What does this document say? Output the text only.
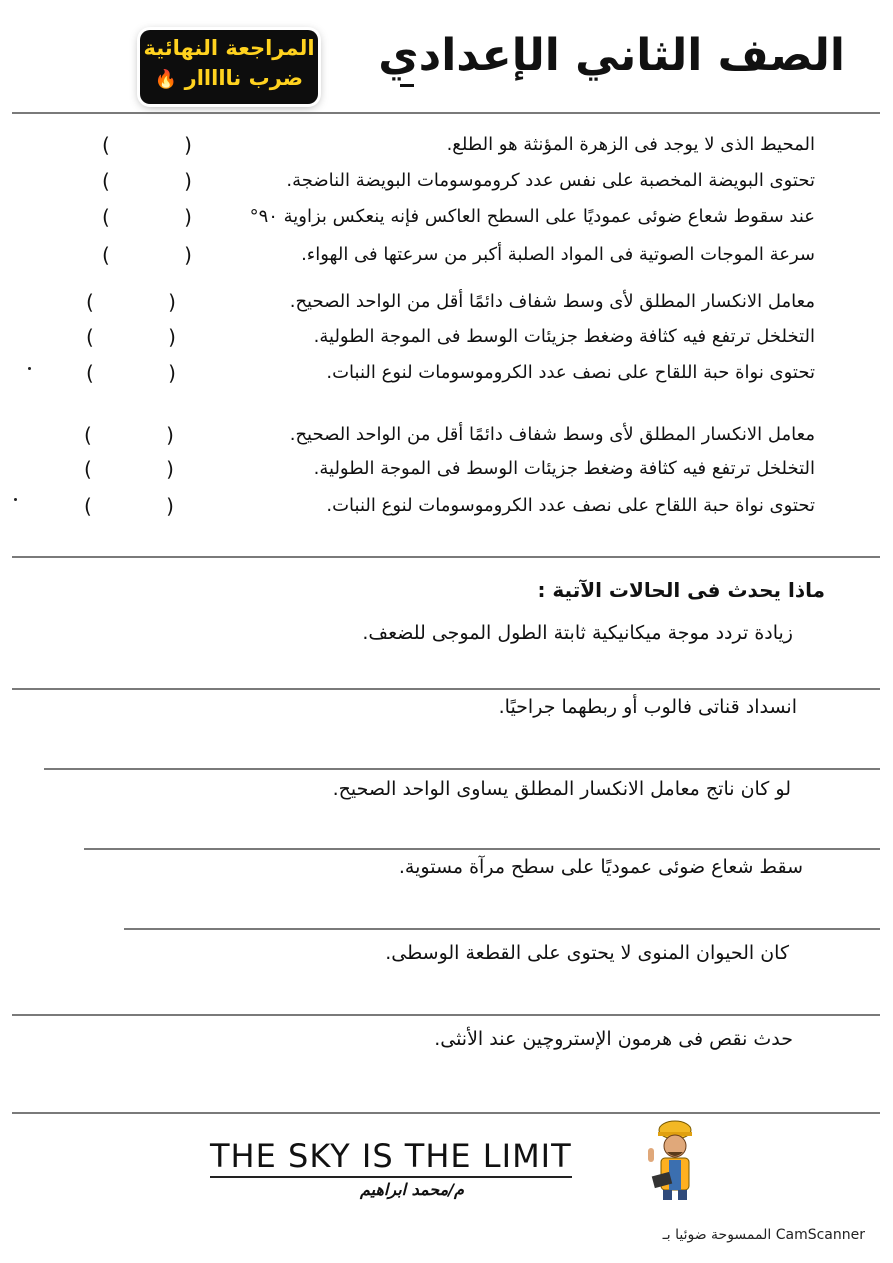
الصف الثاني الإعدادي
المراجعة النهائية
ضرب نااااار 🔥
المحيط الذى لا يوجد فى الزهرة المؤنثة هو الطلع.
تحتوى البويضة المخصبة على نفس عدد كروموسومات البويضة الناضجة.
عند سقوط شعاع ضوئى عموديًا على السطح العاكس فإنه ينعكس بزاوية ٩٠°
سرعة الموجات الصوتية فى المواد الصلبة أكبر من سرعتها فى الهواء.
معامل الانكسار المطلق لأى وسط شفاف دائمًا أقل من الواحد الصحيح.
التخلخل ترتفع فيه كثافة وضغط جزيئات الوسط فى الموجة الطولية.
تحتوى نواة حبة اللقاح على نصف عدد الكروموسومات لنوع النبات.
معامل الانكسار المطلق لأى وسط شفاف دائمًا أقل من الواحد الصحيح.
التخلخل ترتفع فيه كثافة وضغط جزيئات الوسط فى الموجة الطولية.
تحتوى نواة حبة اللقاح على نصف عدد الكروموسومات لنوع النبات.
( )
( )
( )
( )
( )
( )
( )
( )
( )
( )
ماذا يحدث فى الحالات الآتية :
زيادة تردد موجة ميكانيكية ثابتة الطول الموجى للضعف.
انسداد قناتى فالوب أو ربطهما جراحيًا.
لو كان ناتج معامل الانكسار المطلق يساوى الواحد الصحيح.
سقط شعاع ضوئى عموديًا على سطح مرآة مستوية.
كان الحيوان المنوى لا يحتوى على القطعة الوسطى.
حدث نقص فى هرمون الإستروچين عند الأنثى.
THE SKY IS THE LIMIT
م/محمد ابراهيم
الممسوحة ضوئيا بـ CamScanner
